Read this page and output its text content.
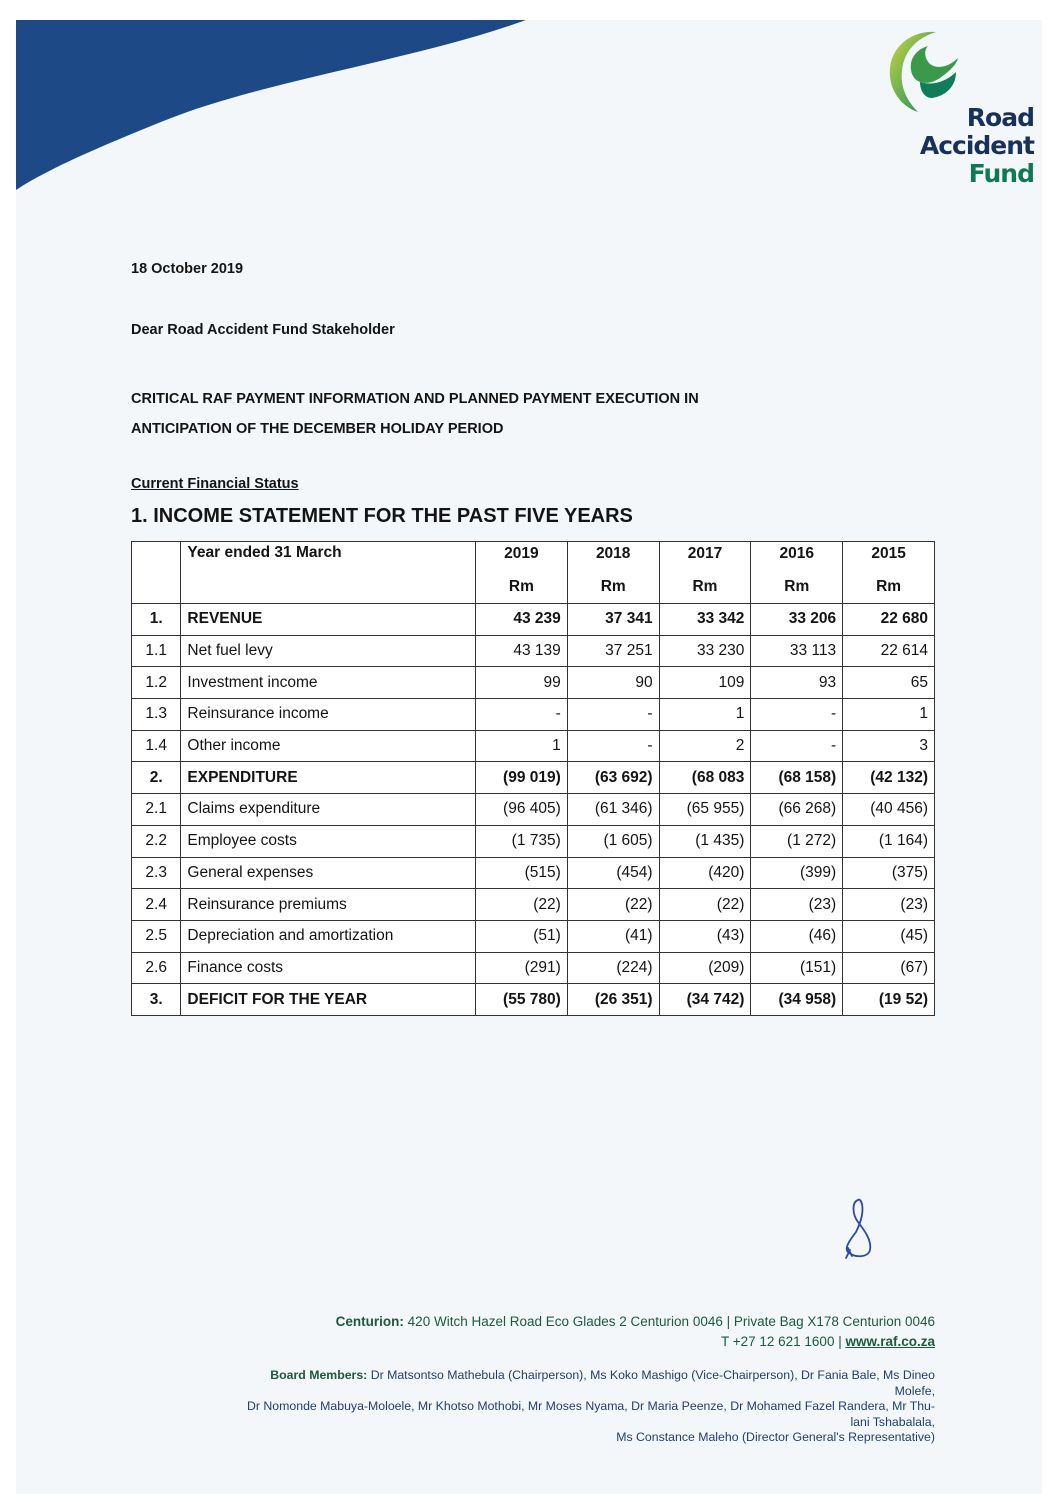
Road
Accident
Fund
18 October 2019
Dear Road Accident Fund Stakeholder
CRITICAL RAF PAYMENT INFORMATION AND PLANNED PAYMENT EXECUTION IN
ANTICIPATION OF THE DECEMBER HOLIDAY PERIOD
Current Financial Status
1. INCOME STATEMENT FOR THE PAST FIVE YEARS
	Year ended 31 March	2019	2018	2017	2016	2015
		Rm	Rm	Rm	Rm	Rm
1.	REVENUE	43 239	37 341	33 342	33 206	22 680
1.1	Net fuel levy	43 139	37 251	33 230	33 113	22 614
1.2	Investment income	99	90	109	93	65
1.3	Reinsurance income	-	-	1	-	1
1.4	Other income	1	-	2	-	3
2.	EXPENDITURE	(99 019)	(63 692)	(68 083	(68 158)	(42 132)
2.1	Claims expenditure	(96 405)	(61 346)	(65 955)	(66 268)	(40 456)
2.2	Employee costs	(1 735)	(1 605)	(1 435)	(1 272)	(1 164)
2.3	General expenses	(515)	(454)	(420)	(399)	(375)
2.4	Reinsurance premiums	(22)	(22)	(22)	(23)	(23)
2.5	Depreciation and amortization	(51)	(41)	(43)	(46)	(45)
2.6	Finance costs	(291)	(224)	(209)	(151)	(67)
3.	DEFICIT FOR THE YEAR	(55 780)	(26 351)	(34 742)	(34 958)	(19 52)
Centurion: 420 Witch Hazel Road Eco Glades 2 Centurion 0046 | Private Bag X178 Centurion 0046
T +27 12 621 1600 | www.raf.co.za
Board Members: Dr Matsontso Mathebula (Chairperson), Ms Koko Mashigo (Vice-Chairperson), Dr Fania Bale, Ms Dineo
Molefe,
Dr Nomonde Mabuya-Moloele, Mr Khotso Mothobi, Mr Moses Nyama, Dr Maria Peenze, Dr Mohamed Fazel Randera, Mr Thu-
lani Tshabalala,
Ms Constance Maleho (Director General's Representative)
